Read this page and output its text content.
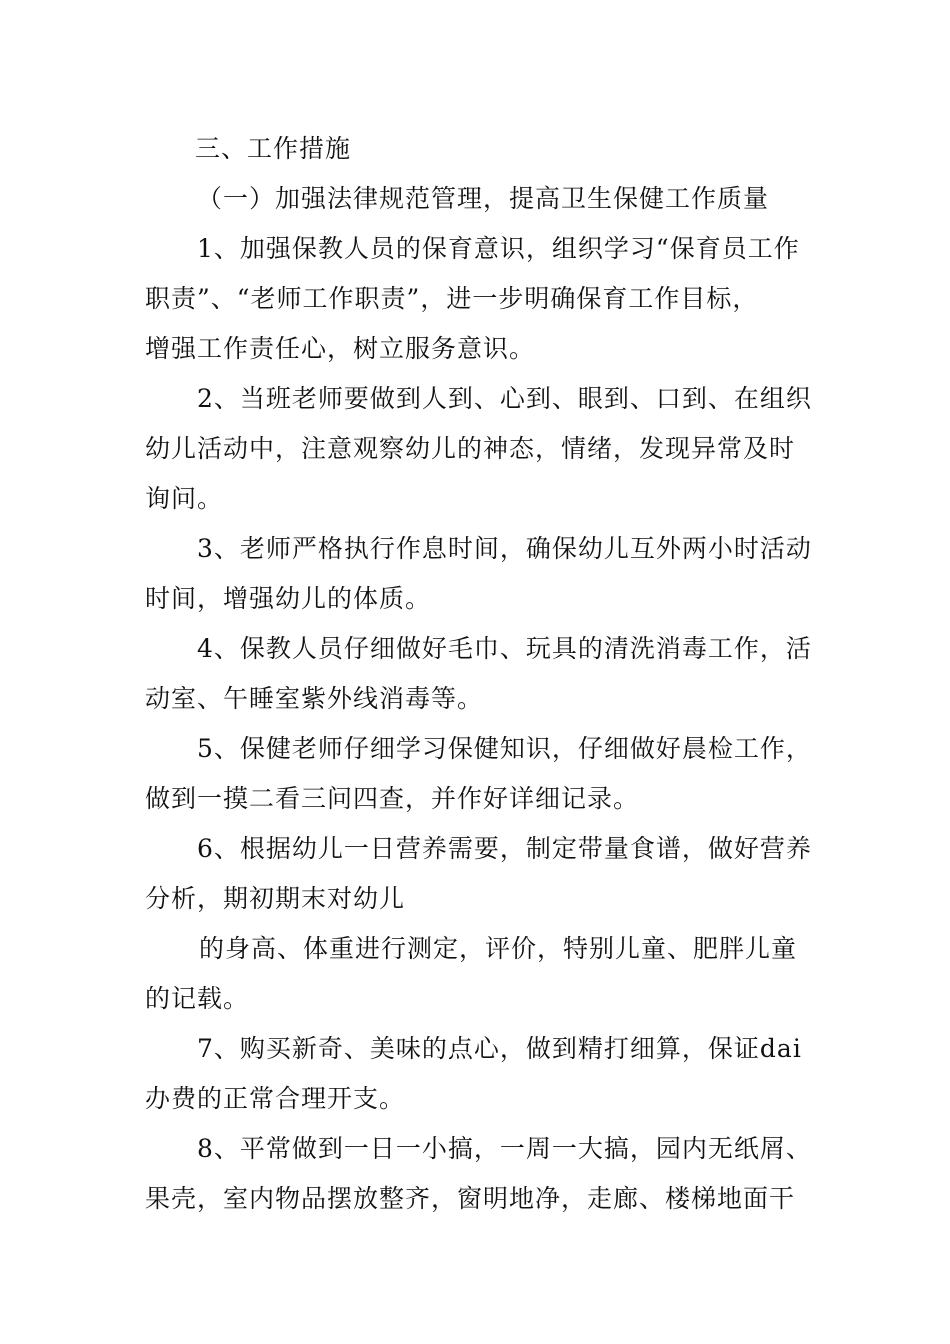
三、工作措施
（一）加强法律规范管理，提高卫生保健工作质量
1、加强保教人员的保育意识，组织学习“保育员工作
职责”、“老师工作职责”，进一步明确保育工作目标，
增强工作责任心，树立服务意识。
2、当班老师要做到人到、心到、眼到、口到、在组织
幼儿活动中，注意观察幼儿的神态，情绪，发现异常及时
询问。
3、老师严格执行作息时间，确保幼儿互外两小时活动
时间，增强幼儿的体质。
4、保教人员仔细做好毛巾、玩具的清洗消毒工作，活
动室、午睡室紫外线消毒等。
5、保健老师仔细学习保健知识，仔细做好晨检工作，
做到一摸二看三问四查，并作好详细记录。
6、根据幼儿一日营养需要，制定带量食谱，做好营养
分析，期初期末对幼儿
的身高、体重进行测定，评价，特别儿童、肥胖儿童
的记载。
7、购买新奇、美味的点心，做到精打细算，保证dai
办费的正常合理开支。
8、平常做到一日一小搞，一周一大搞，园内无纸屑、
果壳，室内物品摆放整齐，窗明地净，走廊、楼梯地面干
